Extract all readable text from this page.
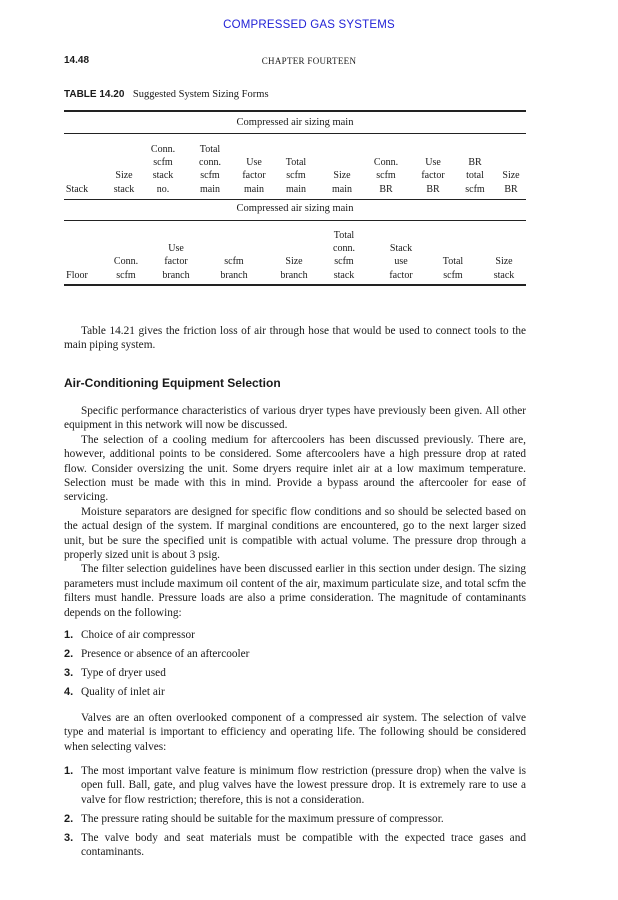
COMPRESSED GAS SYSTEMS
14.48	CHAPTER FOURTEEN
TABLE 14.20 Suggested System Sizing Forms
Compressed air sizing main
Compressed air sizing main
Stack
Size
stack
Conn.
scfm
stack
no.
Total
conn.
scfm
main
Use
factor
main
Total
scfm
main
Size
main
Conn.
scfm
BR
Use
factor
BR
BR
total
scfm
Size
BR
Floor
Conn.
scfm
Use
factor
branch
scfm
branch
Size
branch
Total
conn.
scfm
stack
Stack
use
factor
Total
scfm
Size
stack

Table 14.21 gives the friction loss of air through hose that would be used to connect tools to the main piping system.

Air-Conditioning Equipment Selection

Specific performance characteristics of various dryer types have previously been given. All other equipment in this network will now be discussed.

The selection of a cooling medium for aftercoolers has been discussed previously. There are, however, additional points to be considered. Some aftercoolers have a high pressure drop at rated flow. Consider oversizing the unit. Some dryers require inlet air at a low maximum temperature. Selection must be made with this in mind. Provide a bypass around the aftercooler for ease of servicing.

Moisture separators are designed for specific flow conditions and so should be selected based on the actual design of the system. If marginal conditions are encountered, go to the next larger sized unit, but be sure the specified unit is compatible with actual volume. The pressure drop through a properly sized unit is about 3 psig.

The filter selection guidelines have been discussed earlier in this section under design. The sizing parameters must include maximum oil content of the air, maximum particulate size, and total scfm the filters must handle. Pressure loads are also a prime consideration. The magnitude of contaminants depends on the following:

1. Choice of air compressor
2. Presence or absence of an aftercooler
3. Type of dryer used
4. Quality of inlet air

Valves are an often overlooked component of a compressed air system. The selection of valve type and material is important to efficiency and operating life. The following should be considered when selecting valves:

1. The most important valve feature is minimum flow restriction (pressure drop) when the valve is open full. Ball, gate, and plug valves have the lowest pressure drop. It is extremely rare to use a valve for flow restriction; therefore, this is not a consideration.
2. The pressure rating should be suitable for the maximum pressure of compressor.
3. The valve body and seat materials must be compatible with the expected trace gases and contaminants.
